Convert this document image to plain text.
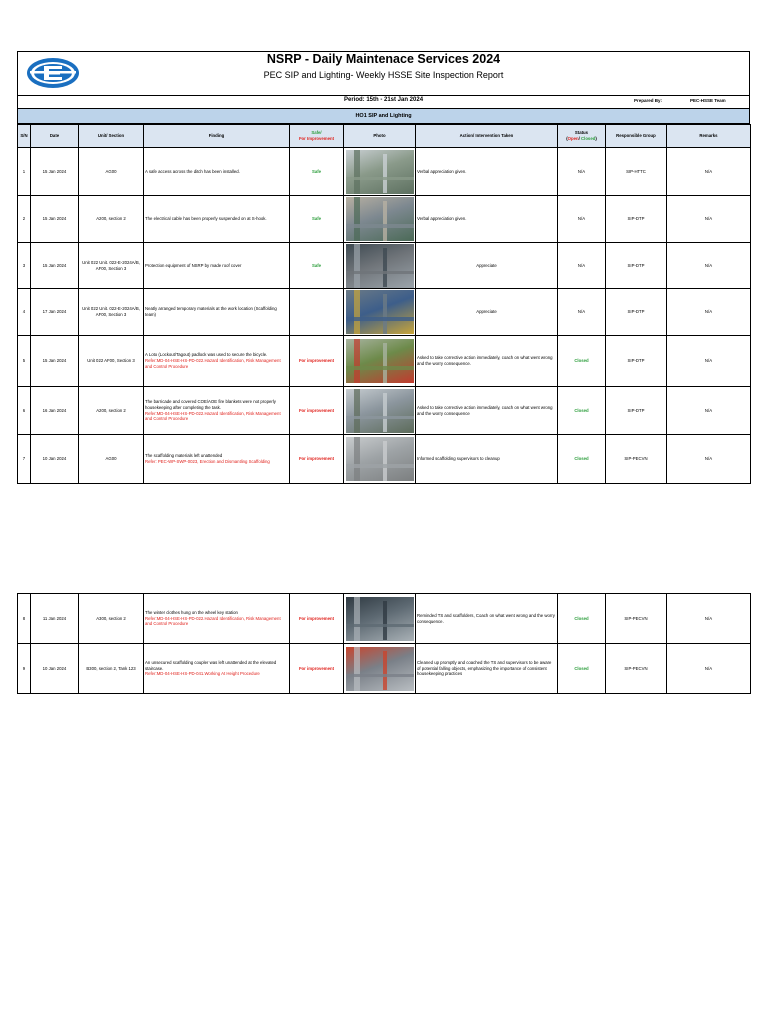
NSRP - Daily Maintenace Services 2024
PEC SIP and Lighting- Weekly HSSE Site Inspection Report
Period: 15th - 21st Jan 2024	Prepared By:	PEC-HSSE Team
HO1 SIP and Lighting
S/N	Date	Unit/ Section	Finding	Safe/
For Improvement	Photo	Action/ Intervention Taken	Status
(Open/ Closed)	Responsible Group	Remarks
1	15 Jan 2024	AG00	A safe access across the ditch has been installed.	Safe		Verbal appreciation given.	N/A	SIP-HTTC	N/A
2	15 Jan 2024	A200, section 2	The electrical cable has been properly suspended on at S-hook.	Safe		Verbal appreciation given.	N/A	SIP-DTP	N/A
3	15 Jan 2024	Unit 022 Unit. 022-E-2024A/B, AF00, Section 3	Protection equipment of NSRP by made roof cover	Safe		Appreciate	N/A	SIP-DTP	N/A
4	17 Jan 2024	Unit 022 Unit. 022-E-2024A/B, AF00, Section 3	Neatly arranged temporary materials at the work location (Scaffolding team)			Appreciate	N/A	SIP-DTP	N/A
5	15 Jan 2024	Unit 022 AF00, Section 3	A Loto (Lockout/Tagout) padlock was used to secure the bicycle.
Refer:MD-04-HSE-HS-PD-022.Hazard Identification, Risk Management and Control Procedure	For improvement		Asked to take corrective action immediately, coach on what went wrong and the worry consequence.	Closed	SIP-DTP	N/A
6	16 Jan 2024	A200, section 2	The barricade and covered COE/AOE fire blankets were not properly housekeeping after completing the task.
Refer:MD-04-HSE-HS-PD-022.Hazard Identification, Risk Management and Control Procedure	For improvement		Asked to take corrective action immediately, coach on what went wrong and the worry consequence	Closed	SIP-DTP	N/A
7	10 Jan 2024	AG00	The scaffolding materials left unattended
Refer: PEC-WP-SWP-0023, Erection and Dismantling Scaffolding	For improvement		Informed scaffolding supervisors to cleanup	Closed	SIP-PECVN	N/A
8	11 Jan 2024	A300, section 2	The winter clothes hung on the wheel key station
Refer:MD-04-HSE-HS-PD-022.Hazard Identification, Risk Management and Control Procedure	For improvement		Reminded TS and scaffolders, Coach on what went wrong and the worry consequence.	Closed	SIP-PECVN	N/A
9	10 Jan 2024	B300, section 2, Tank 123	An unsecured scaffolding coupler was left unattended at the elevated staircase.
Refer:MD-04-HSE-HS-PD-041.Working At Height Procedure	For improvement		Cleaned up promptly and coached the TS and supervisors to be aware of potential falling objects, emphasizing the importance of consistent housekeeping practices	Closed	SIP-PECVN	N/A
